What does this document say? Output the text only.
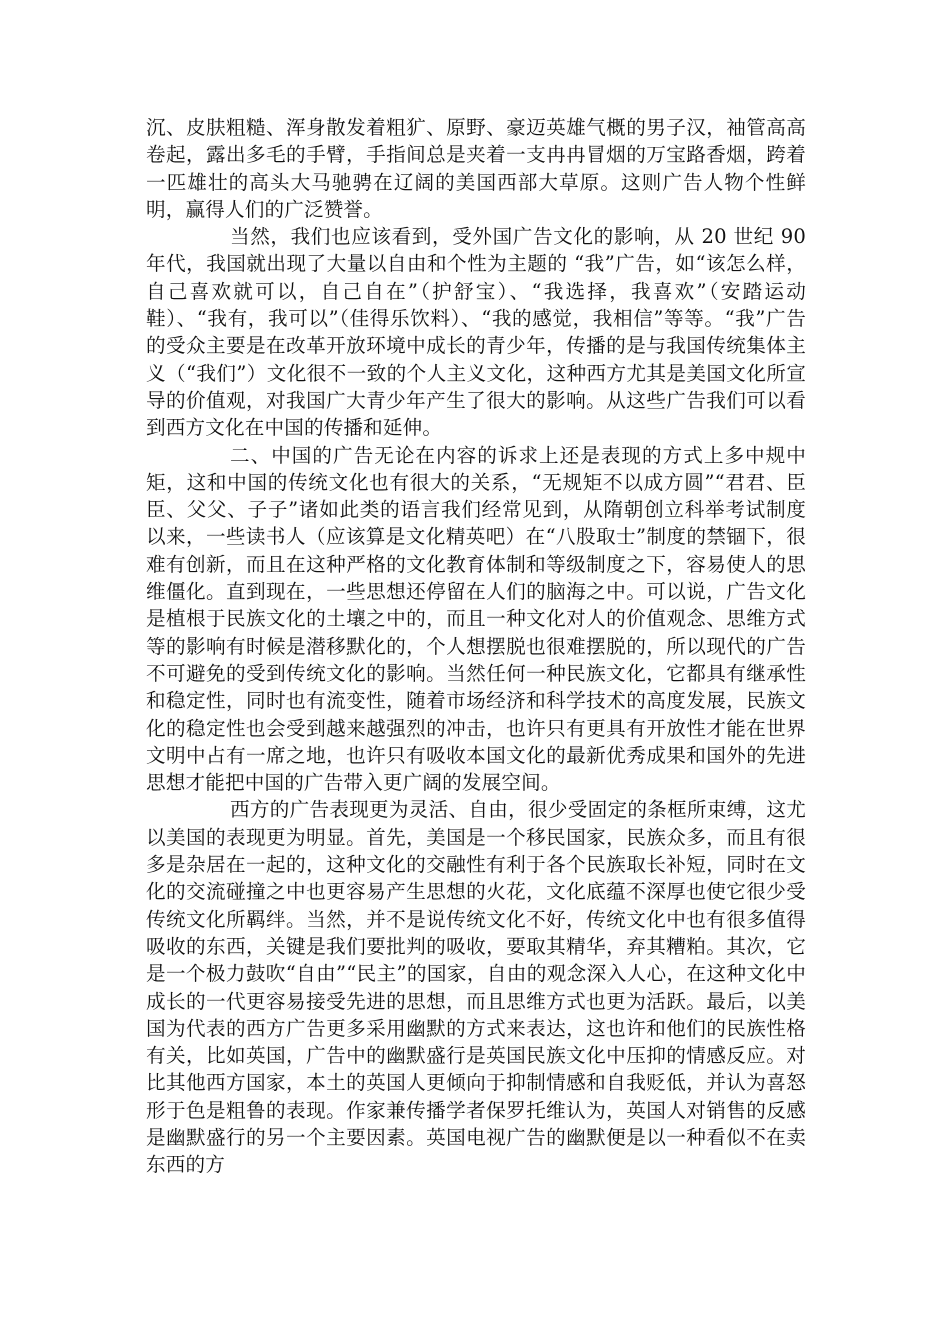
沉、皮肤粗糙、浑身散发着粗犷、原野、豪迈英雄气概的男子汉，袖管高高卷起，露出多毛的手臂，手指间总是夹着一支冉冉冒烟的万宝路香烟，跨着一匹雄壮的高头大马驰骋在辽阔的美国西部大草原。这则广告人物个性鲜明，赢得人们的广泛赞誉。

当然，我们也应该看到，受外国广告文化的影响，从 20 世纪 90 年代，我国就出现了大量以自由和个性为主题的 “我”广告，如“该怎么样，自己喜欢就可以，自己自在”（护舒宝）、“我选择，我喜欢”（安踏运动鞋）、“我有，我可以”（佳得乐饮料）、“我的感觉，我相信”等等。“我”广告的受众主要是在改革开放环境中成长的青少年，传播的是与我国传统集体主义（“我们”）文化很不一致的个人主义文化，这种西方尤其是美国文化所宣导的价值观，对我国广大青少年产生了很大的影响。从这些广告我们可以看到西方文化在中国的传播和延伸。

二、中国的广告无论在内容的诉求上还是表现的方式上多中规中矩，这和中国的传统文化也有很大的关系，“无规矩不以成方圆”“君君、臣臣、父父、子子”诸如此类的语言我们经常见到，从隋朝创立科举考试制度以来，一些读书人（应该算是文化精英吧）在“八股取士”制度的禁锢下，很难有创新，而且在这种严格的文化教育体制和等级制度之下，容易使人的思维僵化。直到现在，一些思想还停留在人们的脑海之中。可以说，广告文化是植根于民族文化的土壤之中的，而且一种文化对人的价值观念、思维方式等的影响有时候是潜移默化的，个人想摆脱也很难摆脱的，所以现代的广告不可避免的受到传统文化的影响。当然任何一种民族文化，它都具有继承性和稳定性，同时也有流变性，随着市场经济和科学技术的高度发展，民族文化的稳定性也会受到越来越强烈的冲击，也许只有更具有开放性才能在世界文明中占有一席之地，也许只有吸收本国文化的最新优秀成果和国外的先进思想才能把中国的广告带入更广阔的发展空间。

西方的广告表现更为灵活、自由，很少受固定的条框所束缚，这尤以美国的表现更为明显。首先，美国是一个移民国家，民族众多，而且有很多是杂居在一起的，这种文化的交融性有利于各个民族取长补短，同时在文化的交流碰撞之中也更容易产生思想的火花，文化底蕴不深厚也使它很少受传统文化所羁绊。当然，并不是说传统文化不好，传统文化中也有很多值得吸收的东西，关键是我们要批判的吸收，要取其精华，弃其糟粕。其次，它是一个极力鼓吹“自由”“民主”的国家，自由的观念深入人心，在这种文化中成长的一代更容易接受先进的思想，而且思维方式也更为活跃。最后，以美国为代表的西方广告更多采用幽默的方式来表达，这也许和他们的民族性格有关，比如英国，广告中的幽默盛行是英国民族文化中压抑的情感反应。对比其他西方国家，本土的英国人更倾向于抑制情感和自我贬低，并认为喜怒形于色是粗鲁的表现。作家兼传播学者保罗托维认为，英国人对销售的反感是幽默盛行的另一个主要因素。英国电视广告的幽默便是以一种看似不在卖东西的方
